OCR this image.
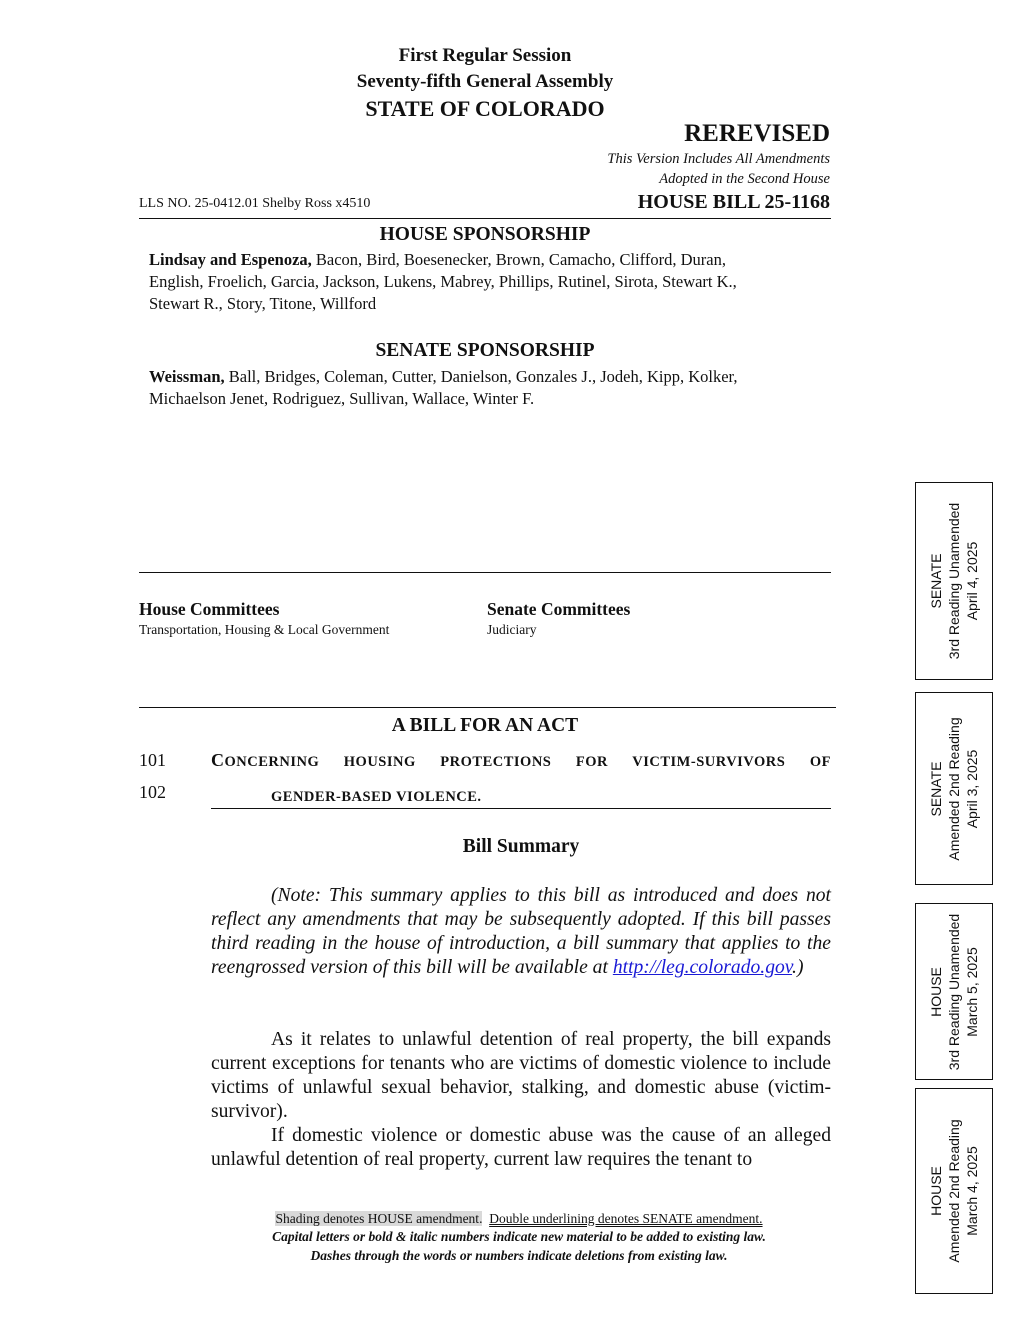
First Regular Session
Seventy-fifth General Assembly
STATE OF COLORADO
REREVISED
This Version Includes All Amendments
Adopted in the Second House
LLS NO. 25-0412.01 Shelby Ross x4510	HOUSE BILL 25-1168
HOUSE SPONSORSHIP
Lindsay and Espenoza, Bacon, Bird, Boesenecker, Brown, Camacho, Clifford, Duran,
English, Froelich, Garcia, Jackson, Lukens, Mabrey, Phillips, Rutinel, Sirota, Stewart K.,
Stewart R., Story, Titone, Willford
SENATE SPONSORSHIP
Weissman, Ball, Bridges, Coleman, Cutter, Danielson, Gonzales J., Jodeh, Kipp, Kolker,
Michaelson Jenet, Rodriguez, Sullivan, Wallace, Winter F.
House Committees
Transportation, Housing & Local Government
Senate Committees
Judiciary
A BILL FOR AN ACT
101	CONCERNING HOUSING PROTECTIONS FOR VICTIM-SURVIVORS OF
102	GENDER-BASED VIOLENCE.
Bill Summary
(Note: This summary applies to this bill as introduced and does not reflect any amendments that may be subsequently adopted. If this bill passes third reading in the house of introduction, a bill summary that applies to the reengrossed version of this bill will be available at http://leg.colorado.gov.)
As it relates to unlawful detention of real property, the bill expands current exceptions for tenants who are victims of domestic violence to include victims of unlawful sexual behavior, stalking, and domestic abuse (victim-survivor).
If domestic violence or domestic abuse was the cause of an alleged unlawful detention of real property, current law requires the tenant to
Shading denotes HOUSE amendment. Double underlining denotes SENATE amendment.
Capital letters or bold & italic numbers indicate new material to be added to existing law.
Dashes through the words or numbers indicate deletions from existing law.
SENATE 3rd Reading Unamended April 4, 2025
SENATE Amended 2nd Reading April 3, 2025
HOUSE 3rd Reading Unamended March 5, 2025
HOUSE Amended 2nd Reading March 4, 2025
